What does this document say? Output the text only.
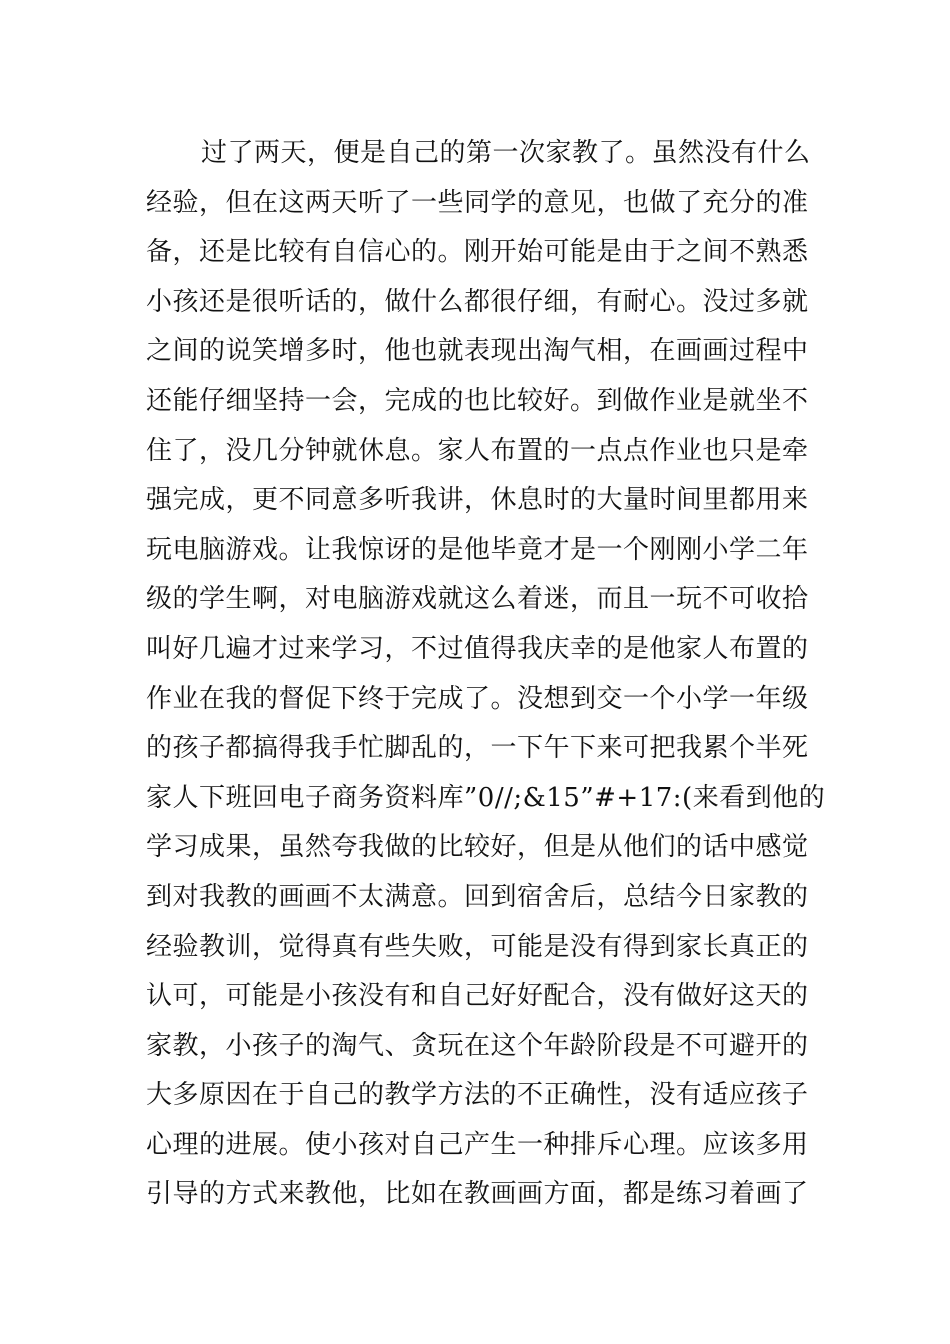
过了两天，便是自己的第一次家教了。虽然没有什么
经验，但在这两天听了一些同学的意见，也做了充分的准
备，还是比较有自信心的。刚开始可能是由于之间不熟悉
小孩还是很听话的，做什么都很仔细，有耐心。没过多就
之间的说笑增多时，他也就表现出淘气相，在画画过程中
还能仔细坚持一会，完成的也比较好。到做作业是就坐不
住了，没几分钟就休息。家人布置的一点点作业也只是牵
强完成，更不同意多听我讲，休息时的大量时间里都用来
玩电脑游戏。让我惊讶的是他毕竟才是一个刚刚小学二年
级的学生啊，对电脑游戏就这么着迷，而且一玩不可收拾
叫好几遍才过来学习，不过值得我庆幸的是他家人布置的
作业在我的督促下终于完成了。没想到交一个小学一年级
的孩子都搞得我手忙脚乱的，一下午下来可把我累个半死
家人下班回电子商务资料库”0//;&15”#+17:(来看到他的
学习成果，虽然夸我做的比较好，但是从他们的话中感觉
到对我教的画画不太满意。回到宿舍后，总结今日家教的
经验教训，觉得真有些失败，可能是没有得到家长真正的
认可，可能是小孩没有和自己好好配合，没有做好这天的
家教，小孩子的淘气、贪玩在这个年龄阶段是不可避开的
大多原因在于自己的教学方法的不正确性，没有适应孩子
心理的进展。使小孩对自己产生一种排斥心理。应该多用
引导的方式来教他，比如在教画画方面，都是练习着画了
